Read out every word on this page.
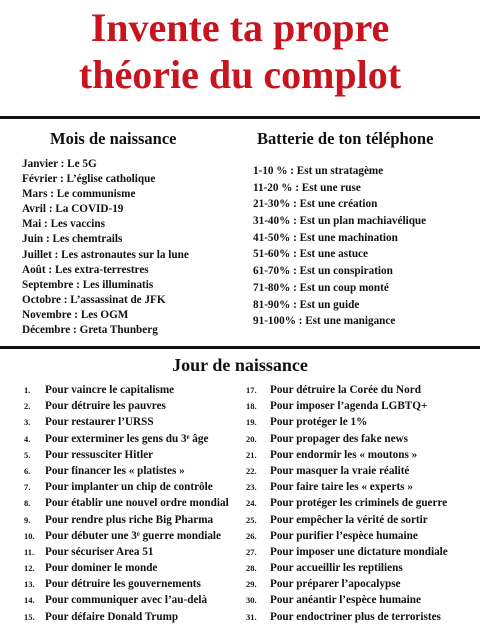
Invente ta propre
théorie du complot
Mois de naissance	Batterie de ton téléphone
Janvier : Le 5G
Février : L’église catholique
Mars : Le communisme
Avril : La COVID-19
Mai : Les vaccins
Juin : Les chemtrails
Juillet : Les astronautes sur la lune
Août : Les extra-terrestres
Septembre : Les illuminatis
Octobre : L’assassinat de JFK
Novembre : Les OGM
Décembre : Greta Thunberg
1-10 % : Est un stratagème
11-20 % : Est une ruse
21-30% : Est une création
31-40% : Est un plan machiavélique
41-50% : Est une machination
51-60% : Est une astuce
61-70% : Est un conspiration
71-80% : Est un coup monté
81-90% : Est un guide
91-100% : Est une manigance
Jour de naissance
1. Pour vaincre le capitalisme
2. Pour détruire les pauvres
3. Pour restaurer l’URSS
4. Pour exterminer les gens du 3ᵉ âge
5. Pour ressusciter Hitler
6. Pour financer les « platistes »
7. Pour implanter un chip de contrôle
8. Pour établir une nouvel ordre mondial
9. Pour rendre plus riche Big Pharma
10. Pour débuter une 3ᵉ guerre mondiale
11. Pour sécuriser Area 51
12. Pour dominer le monde
13. Pour détruire les gouvernements
14. Pour communiquer avec l’au-delà
15. Pour défaire Donald Trump
17. Pour détruire la Corée du Nord
18. Pour imposer l’agenda LGBTQ+
19. Pour protéger le 1%
20. Pour propager des fake news
21. Pour endormir les « moutons »
22. Pour masquer la vraie réalité
23. Pour faire taire les « experts »
24. Pour protéger les criminels de guerre
25. Pour empêcher la vérité de sortir
26. Pour purifier l’espèce humaine
27. Pour imposer une dictature mondiale
28. Pour accueillir les reptiliens
29. Pour préparer l’apocalypse
30. Pour anéantir l’espèce humaine
31. Pour endoctriner plus de terroristes
